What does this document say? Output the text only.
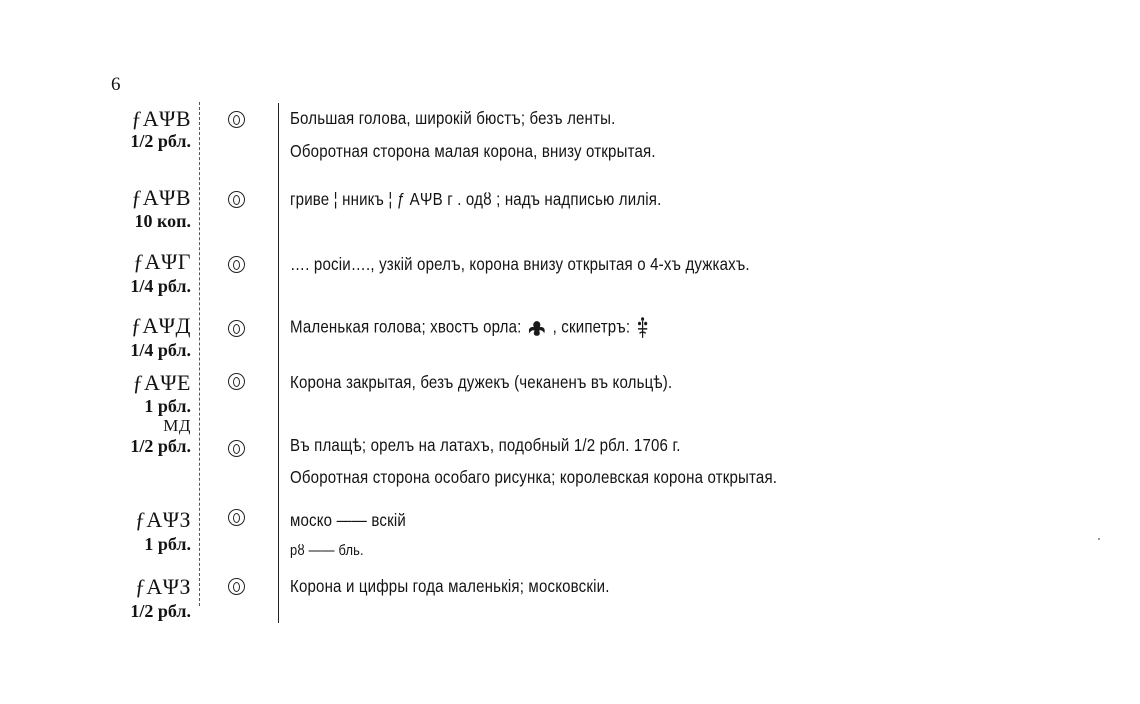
6
ƒАΨВ
1/2 рбл.
Большая голова, широкій бюстъ; безъ ленты.
Оборотная сторона малая корона, внизу открытая.
ƒАΨВ
10 коп.
гриве ¦ нникъ ¦ ƒ АΨВ г . одȣ ; надъ надписью лилія.
ƒАΨГ
1/4 рбл.
…. росіи…., узкій орелъ, корона внизу открытая о 4-хъ дужкахъ.
ƒАΨД
1/4 рбл.
Маленькая голова; хвостъ орла: , скипетръ:
ƒАΨЕ
1 рбл.
Корона закрытая, безъ дужекъ (чеканенъ въ кольцѣ).
МД
1/2 рбл.	Въ плащѣ; орелъ на латахъ, подобный 1/2 рбл. 1706 г.
Оборотная сторона особаго рисунка; королевская корона открытая.
ƒАΨЗ
1 рбл.
моско —— вскій
рȣ —— бль.
ƒАΨЗ
1/2 рбл.
Корона и цифры года маленькія; московскіи.
